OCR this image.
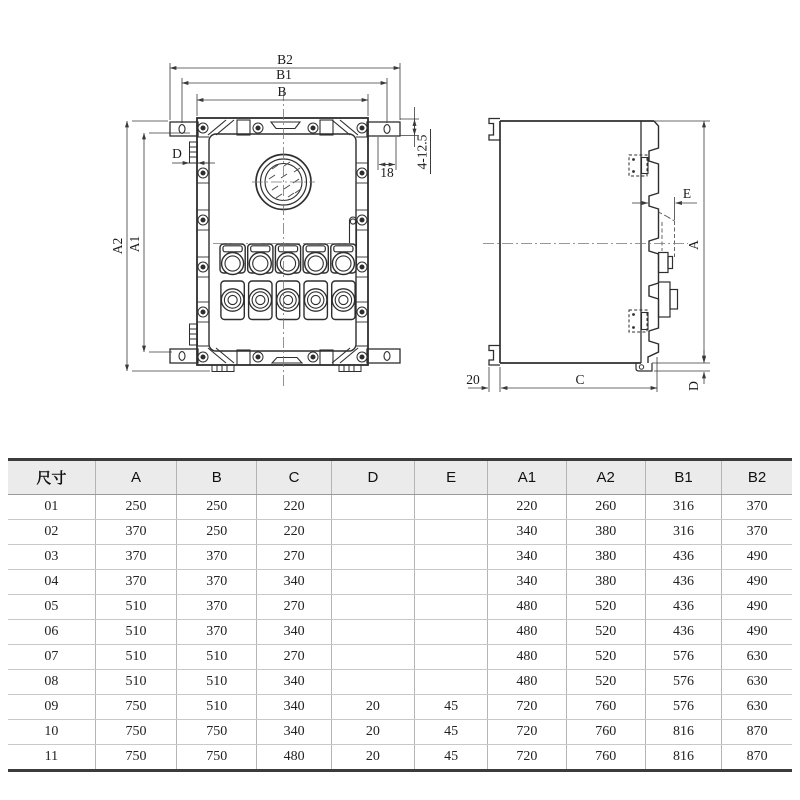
B2
B1
B
A2 A1
D
18
4-12.5
A
D
E
20	C
尺寸	A	B	C	D	E	A1	A2	B1	B2
01	250	250	220			220	260	316	370
02	370	250	220			340	380	316	370
03	370	370	270			340	380	436	490
04	370	370	340			340	380	436	490
05	510	370	270			480	520	436	490
06	510	370	340			480	520	436	490
07	510	510	270			480	520	576	630
08	510	510	340			480	520	576	630
09	750	510	340	20	45	720	760	576	630
10	750	750	340	20	45	720	760	816	870
11	750	750	480	20	45	720	760	816	870
